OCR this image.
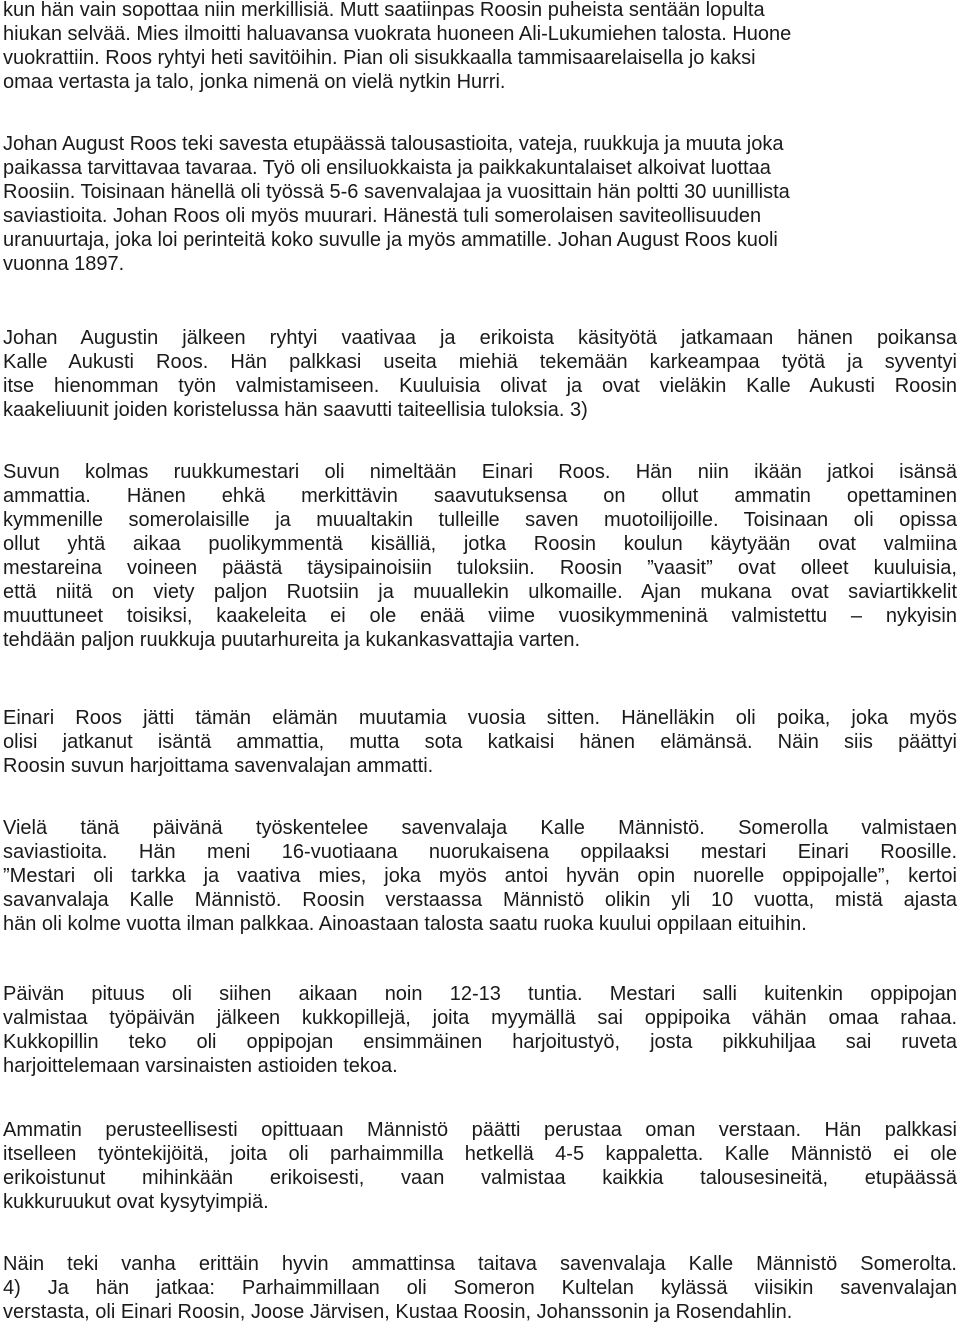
kun hän vain sopottaa niin merkillisiä. Mutt saatiinpas Roosin puheista sentään lopulta
hiukan selvää. Mies ilmoitti haluavansa vuokrata huoneen Ali-Lukumiehen talosta. Huone
vuokrattiin. Roos ryhtyi heti savitöihin. Pian oli sisukkaalla tammisaarelaisella jo kaksi
omaa vertasta ja talo, jonka nimenä on vielä nytkin Hurri.
Johan August Roos teki savesta etupäässä talousastioita, vateja, ruukkuja ja muuta joka
paikassa tarvittavaa tavaraa. Työ oli ensiluokkaista ja paikkakuntalaiset alkoivat luottaa
Roosiin. Toisinaan hänellä oli työssä 5-6 savenvalajaa ja vuosittain hän poltti 30 uunillista
saviastioita. Johan Roos oli myös muurari. Hänestä tuli somerolaisen saviteollisuuden
uranuurtaja, joka loi perinteitä koko suvulle ja myös ammatille. Johan August Roos kuoli
vuonna 1897.
Johan Augustin jälkeen ryhtyi vaativaa ja erikoista käsityötä jatkamaan hänen poikansa
Kalle Aukusti Roos. Hän palkkasi useita miehiä tekemään karkeampaa työtä ja syventyi
itse hienomman työn valmistamiseen. Kuuluisia olivat ja ovat vieläkin Kalle Aukusti Roosin
kaakeliuunit joiden koristelussa hän saavutti taiteellisia tuloksia. 3)
Suvun kolmas ruukkumestari oli nimeltään Einari Roos. Hän niin ikään jatkoi isänsä
ammattia. Hänen ehkä merkittävin saavutuksensa on ollut ammatin opettaminen
kymmenille somerolaisille ja muualtakin tulleille saven muotoilijoille. Toisinaan oli opissa
ollut yhtä aikaa puolikymmentä kisälliä, jotka Roosin koulun käytyään ovat valmiina
mestareina voineen päästä täysipainoisiin tuloksiin. Roosin ”vaasit” ovat olleet kuuluisia,
että niitä on viety paljon Ruotsiin ja muuallekin ulkomaille. Ajan mukana ovat saviartikkelit
muuttuneet toisiksi, kaakeleita ei ole enää viime vuosikymmeninä valmistettu – nykyisin
tehdään paljon ruukkuja puutarhureita ja kukankasvattajia varten.
Einari Roos jätti tämän elämän muutamia vuosia sitten. Hänelläkin oli poika, joka myös
olisi jatkanut isäntä ammattia, mutta sota katkaisi hänen elämänsä. Näin siis päättyi
Roosin suvun harjoittama savenvalajan ammatti.
Vielä tänä päivänä työskentelee savenvalaja Kalle Männistö. Somerolla valmistaen
saviastioita. Hän meni 16-vuotiaana nuorukaisena oppilaaksi mestari Einari Roosille.
”Mestari oli tarkka ja vaativa mies, joka myös antoi hyvän opin nuorelle oppipojalle”, kertoi
savanvalaja Kalle Männistö. Roosin verstaassa Männistö olikin yli 10 vuotta, mistä ajasta
hän oli kolme vuotta ilman palkkaa. Ainoastaan talosta saatu ruoka kuului oppilaan eituihin.
Päivän pituus oli siihen aikaan noin 12-13 tuntia. Mestari salli kuitenkin oppipojan
valmistaa työpäivän jälkeen kukkopillejä, joita myymällä sai oppipoika vähän omaa rahaa.
Kukkopillin teko oli oppipojan ensimmäinen harjoitustyö, josta pikkuhiljaa sai ruveta
harjoittelemaan varsinaisten astioiden tekoa.
Ammatin perusteellisesti opittuaan Männistö päätti perustaa oman verstaan. Hän palkkasi
itselleen työntekijöitä, joita oli parhaimmilla hetkellä 4-5 kappaletta. Kalle Männistö ei ole
erikoistunut mihinkään erikoisesti, vaan valmistaa kaikkia talousesineitä, etupäässä
kukkuruukut ovat kysytyimpiä.
Näin teki vanha erittäin hyvin ammattinsa taitava savenvalaja Kalle Männistö Somerolta.
4) Ja hän jatkaa: Parhaimmillaan oli Someron Kultelan kylässä viisikin savenvalajan
verstasta, oli Einari Roosin, Joose Järvisen, Kustaa Roosin, Johanssonin ja Rosendahlin.
